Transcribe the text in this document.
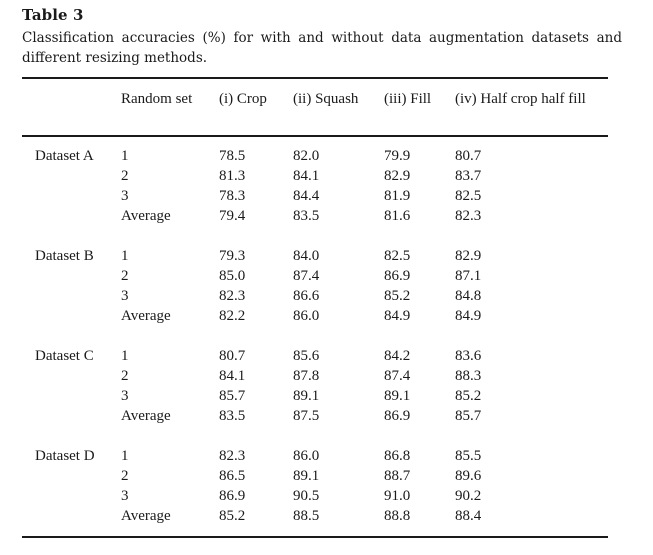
Table 3
Classification accuracies (%) for with and without data augmentation datasets and different resizing methods.
Random set (i) Crop (ii) Squash (iii) Fill (iv) Half crop half fill
Dataset A 1	78.5	82.0	79.9	80.7
2	81.3	84.1	82.9	83.7
3	78.3	84.4	81.9	82.5
Average	79.4	83.5	81.6	82.3
Dataset B 1	79.3	84.0	82.5	82.9
2	85.0	87.4	86.9	87.1
3	82.3	86.6	85.2	84.8
Average	82.2	86.0	84.9	84.9
Dataset C 1	80.7	85.6	84.2	83.6
2	84.1	87.8	87.4	88.3
3	85.7	89.1	89.1	85.2
Average	83.5	87.5	86.9	85.7
Dataset D 1	82.3	86.0	86.8	85.5
2	86.5	89.1	88.7	89.6
3	86.9	90.5	91.0	90.2
Average	85.2	88.5	88.8	88.4
